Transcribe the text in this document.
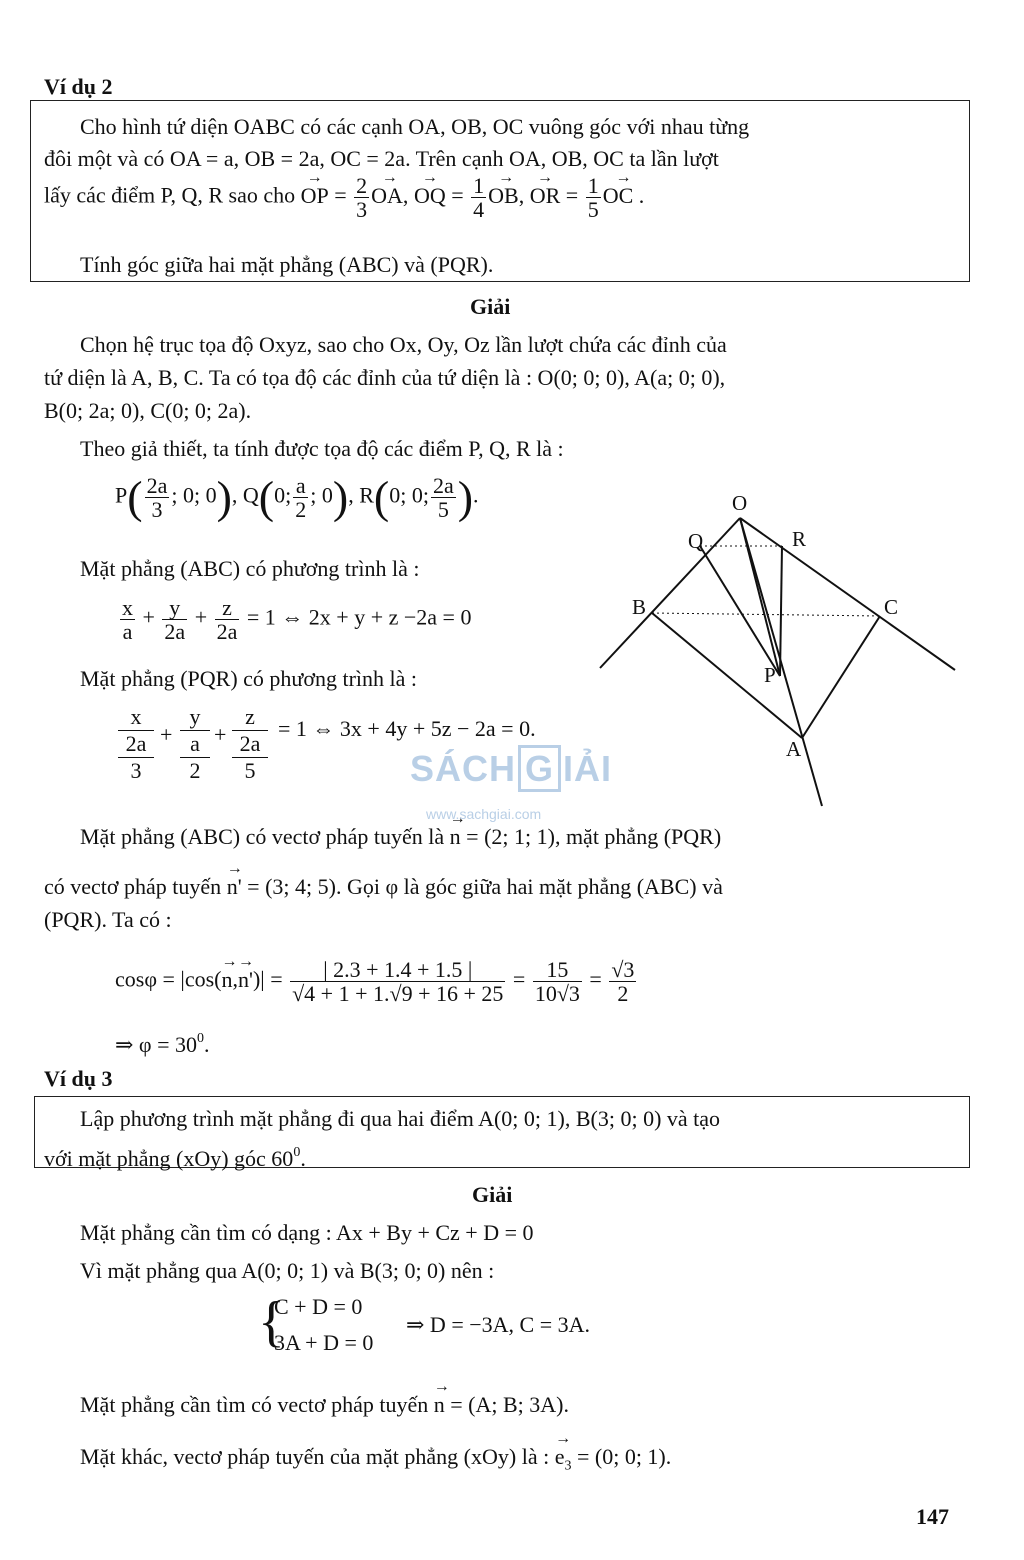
Ví dụ 2
Cho hình tứ diện OABC có các cạnh OA, OB, OC vuông góc với nhau từng
đôi một và có OA = a, OB = 2a, OC = 2a. Trên cạnh OA, OB, OC ta lần lượt
lấy các điểm P, Q, R sao cho → OP = $\frac{2}{3}$ → OA, → OQ = $\frac{1}{4}$ → OB, → OR = $\frac{1}{5}$ → OC .
Tính góc giữa hai mặt phẳng (ABC) và (PQR).
Giải
Chọn hệ trục tọa độ Oxyz, sao cho Ox, Oy, Oz lần lượt chứa các đỉnh của
tứ diện là A, B, C. Ta có tọa độ các đỉnh của tứ diện là : O(0; 0; 0), A(a; 0; 0),
B(0; 2a; 0), C(0; 0; 2a).
Theo giả thiết, ta tính được tọa độ các điểm P, Q, R là :
$P( \frac{2a}{3}$ ; 0; 0), Q(0; $\frac{a}{2}$ ; 0), R(0; 0; $\frac{2a}{5}$ ).
Mặt phẳng (ABC) có phương trình là :
$\frac{x}{a} + \frac{y}{2a} + \frac{z}{2a} = 1$ ⇔ 2x + y + z −2a = 0
Mặt phẳng (PQR) có phương trình là :
x
2a
3
+
y
a
2
+
z
2a
5
= 1 ⇔ 3x + 4y + 5z − 2a = 0.
SÁCH G IẢI
www.sachgiai.com
O
Q	R
B	C
P
A
Mặt phẳng (ABC) có vectơ pháp tuyến là → n = (2; 1; 1), mặt phẳng (PQR)
có vectơ pháp tuyến → n' = (3; 4; 5). Gọi φ là góc giữa hai mặt phẳng (ABC) và
(PQR). Ta có :
$\cos\varphi = |\cos(\to n,\to n')| = \frac{| 2.3 + 1.4 + 1.5 |}{√4 + 1 + 1.√9 + 16 + 25} = \frac{15}{10√3} = \frac{√3}{2}$
⇒ $\varphi = 30^0$.
Ví dụ 3
Lập phương trình mặt phẳng đi qua hai điểm A(0; 0; 1), B(3; 0; 0) và tạo
với mặt phẳng (xOy) góc $60^0$.
Giải
Mặt phẳng cần tìm có dạng : Ax + By + Cz + D = 0
Vì mặt phẳng qua A(0; 0; 1) và B(3; 0; 0) nên :
{
C + D = 0
3A + D = 0
⇒ D = −3A, C = 3A.
Mặt phẳng cần tìm có vectơ pháp tuyến → n = (A; B; 3A).
Mặt khác, vectơ pháp tuyến của mặt phẳng (xOy) là : → $e_3 = (0$; 0; 1).
147
